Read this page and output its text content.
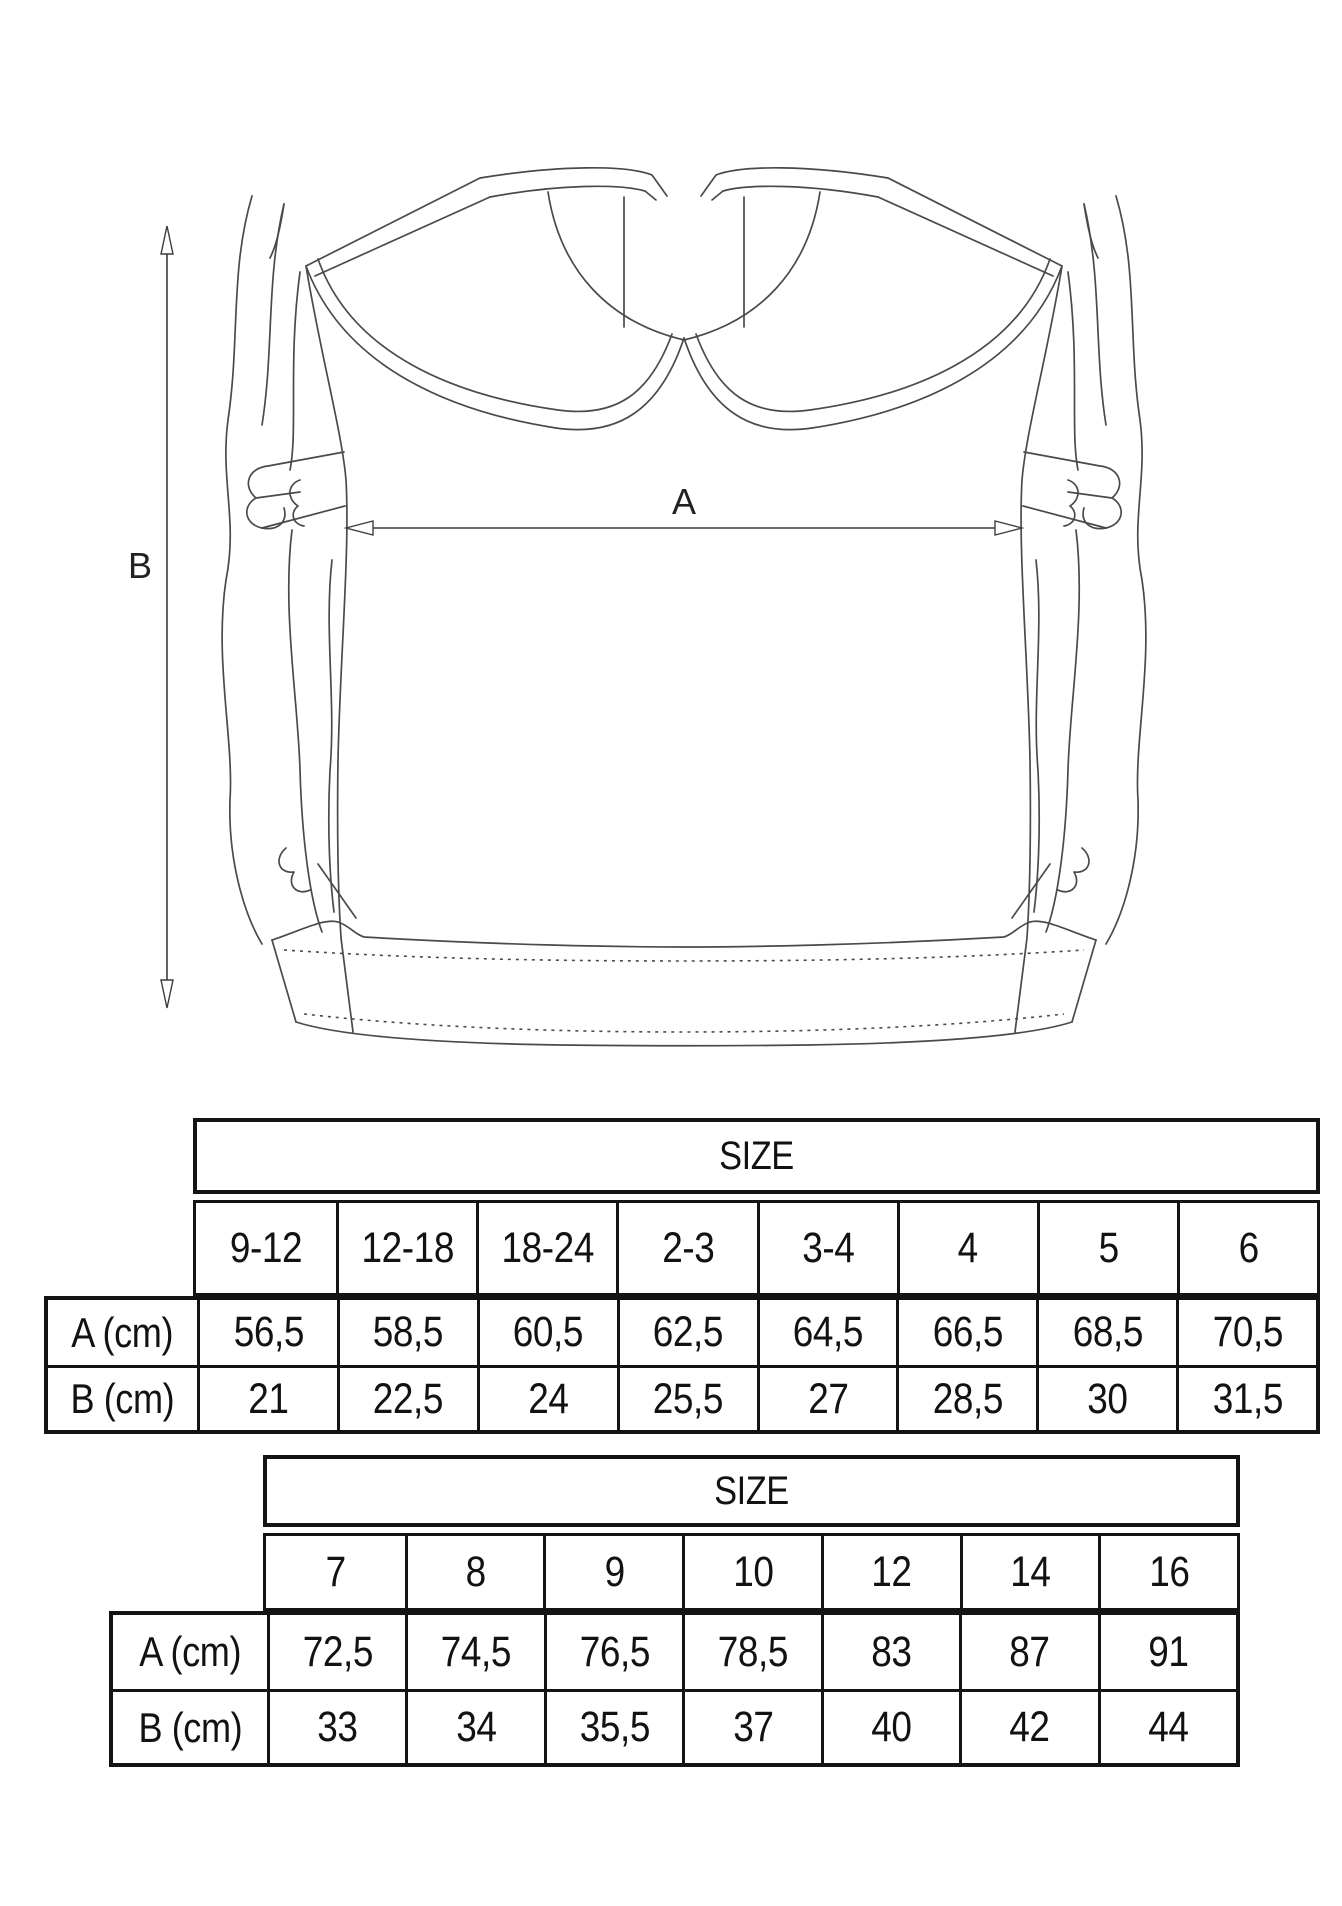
B
A
SIZE
9-12 12-18 18-24 2-3 3-4 4	5	6
A (cm) 56,5 58,5 60,5 62,5 64,5 66,5 68,5 70,5
B (cm) 21 22,5 24 25,5 27 28,5 30 31,5
SIZE
7	8	9	10 12 14 16
A (cm) 72,5 74,5 76,5 78,5 83 87 91
B (cm) 33 34 35,5 37 40 42 44
